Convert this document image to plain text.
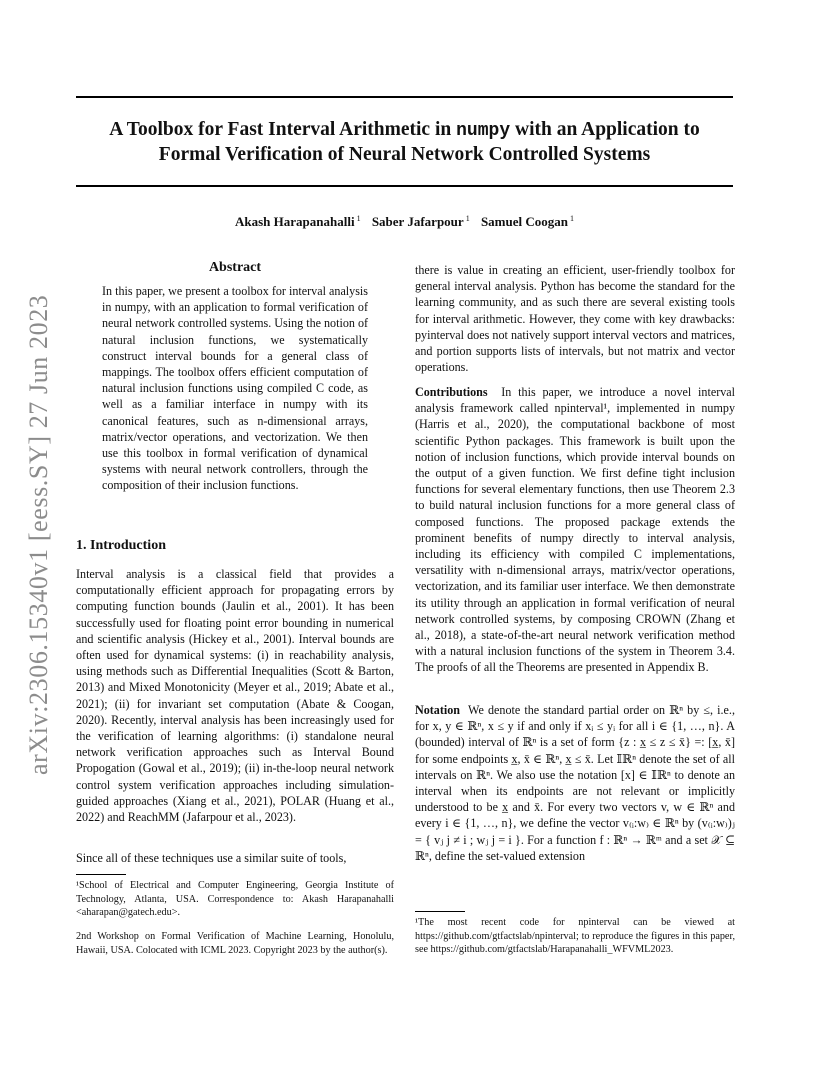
A Toolbox for Fast Interval Arithmetic in numpy with an Application to Formal Verification of Neural Network Controlled Systems
Akash Harapanahalli $^1$ Saber Jafarpour $^1$ Samuel Coogan $^1$
arXiv:2306.15340v1 [eess.SY] 27 Jun 2023
Abstract

In this paper, we present a toolbox for interval analysis in numpy, with an application to formal verification of neural network controlled systems. Using the notion of natural inclusion functions, we systematically construct interval bounds for a general class of mappings. The toolbox offers efficient computation of natural inclusion functions using compiled C code, as well as a familiar interface in numpy with its canonical features, such as n-dimensional arrays, matrix/vector operations, and vectorization. We then use this toolbox in formal verification of dynamical systems with neural network controllers, through the composition of their inclusion functions.

1. Introduction

Interval analysis is a classical field that provides a computationally efficient approach for propagating errors by computing function bounds (Jaulin et al., 2001). It has been successfully used for floating point error bounding in numerical and scientific analysis (Hickey et al., 2001). Interval bounds are often used for dynamical systems: (i) in reachability analysis, using methods such as Differential Inequalities (Scott & Barton, 2013) and Mixed Monotonicity (Meyer et al., 2019; Abate et al., 2021); (ii) for invariant set computation (Abate & Coogan, 2020). Recently, interval analysis has been increasingly used for the verification of learning algorithms: (i) standalone neural network verification approaches such as Interval Bound Propogation (Gowal et al., 2019); (ii) in-the-loop neural network control system verification approaches including simulation-guided approaches (Xiang et al., 2021), POLAR (Huang et al., 2022) and ReachMM (Jafarpour et al., 2023).

Since all of these techniques use a similar suite of tools,

¹School of Electrical and Computer Engineering, Georgia Institute of Technology, Atlanta, USA. Correspondence to: Akash Harapanahalli <aharapan@gatech.edu>.
2nd Workshop on Formal Verification of Machine Learning, Honolulu, Hawaii, USA. Colocated with ICML 2023. Copyright 2023 by the author(s).

there is value in creating an efficient, user-friendly toolbox for general interval analysis. Python has become the standard for the learning community, and as such there are several existing tools for interval arithmetic. However, they come with key drawbacks: pyinterval does not natively support interval vectors and matrices, and portion supports lists of intervals, but not matrix and vector operations.

Contributions In this paper, we introduce a novel interval analysis framework called npinterval¹, implemented in numpy (Harris et al., 2020), the computational backbone of most scientific Python packages. This framework is built upon the notion of inclusion functions, which provide interval bounds on the output of a given function. We first define tight inclusion functions for several elementary functions, then use Theorem 2.3 to build natural inclusion functions for a more general class of composed functions. The proposed package extends the prominent benefits of numpy directly to interval analysis, including its efficiency with compiled C implementations, versatility with n-dimensional arrays, matrix/vector operations, vectorization, and its familiar user interface. We then demonstrate its utility through an application in formal verification of neural network controlled systems, by composing CROWN (Zhang et al., 2018), a state-of-the-art neural network verification method with a natural inclusion functions of the system in Theorem 3.4. The proofs of all the Theorems are presented in Appendix B.

Notation We denote the standard partial order on ℝⁿ by ≤, i.e., for x, y ∈ ℝⁿ, x ≤ y if and only if xᵢ ≤ yᵢ for all i ∈ {1, …, n}. A (bounded) interval of ℝⁿ is a set of form {z : x̲ ≤ z ≤ x̄} =: [x̲, x̄] for some endpoints x̲, x̄ ∈ ℝⁿ, x̲ ≤ x̄. Let 𝕀ℝⁿ denote the set of all intervals on ℝⁿ. We also use the notation [x] ∈ 𝕀ℝⁿ to denote an interval when its endpoints are not relevant or implicitly understood to be x̲ and x̄. For every two vectors v, w ∈ ℝⁿ and every i ∈ {1, …, n}, we define the vector v₍ᵢ:w₎ ∈ ℝⁿ by (v₍ᵢ:w₎)ⱼ = { vⱼ j ≠ i ; wⱼ j = i }. For a function f : ℝⁿ → ℝᵐ and a set 𝒳 ⊆ ℝⁿ, define the set-valued extension

¹The most recent code for npinterval can be viewed at https://github.com/gtfactslab/npinterval; to reproduce the figures in this paper, see https://github.com/gtfactslab/Harapanahalli_WFVML2023.
